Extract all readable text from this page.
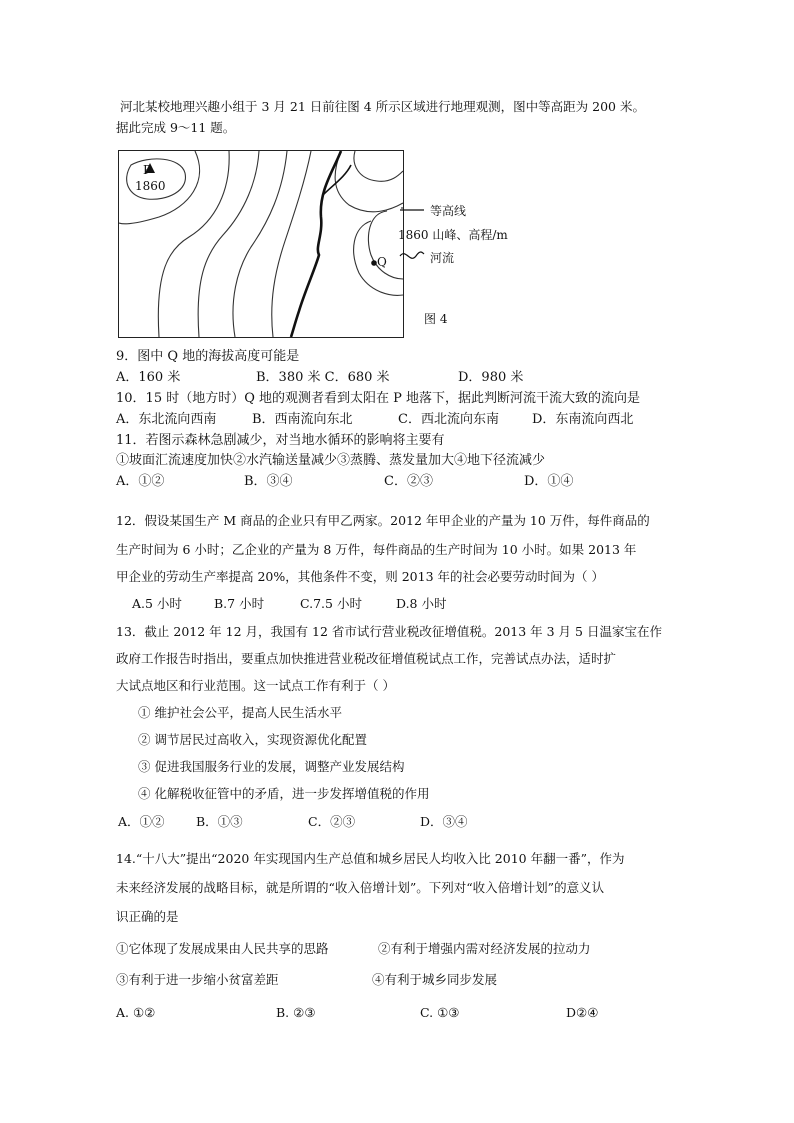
河北某校地理兴趣小组于 3 月 21 日前往图 4 所示区域进行地理观测，图中等高距为 200 米。
据此完成 9～11 题。
P
1860
Q
等高线
1860 山峰、高程/m
河流
图 4
9．图中 Q 地的海拔高度可能是
A．160 米	B．380 米 C．680 米	D．980 米
10．15 时（地方时）Q 地的观测者看到太阳在 P 地落下，据此判断河流干流大致的流向是
A．东北流向西南	B．西南流向东北	C．西北流向东南	D．东南流向西北
11．若图示森林急剧减少，对当地水循环的影响将主要有
①坡面汇流速度加快②水汽输送量减少③蒸腾、蒸发量加大④地下径流减少
A．①②	B．③④	C．②③	D．①④
12．假设某国生产 M 商品的企业只有甲乙两家。2012 年甲企业的产量为 10 万件，每件商品的
生产时间为 6 小时；乙企业的产量为 8 万件，每件商品的生产时间为 10 小时。如果 2013 年
甲企业的劳动生产率提高 20%，其他条件不变，则 2013 年的社会必要劳动时间为（ ）
A.5 小时	B.7 小时	C.7.5 小时	D.8 小时
13．截止 2012 年 12 月，我国有 12 省市试行营业税改征增值税。2013 年 3 月 5 日温家宝在作
政府工作报告时指出，要重点加快推进营业税改征增值税试点工作，完善试点办法，适时扩
大试点地区和行业范围。这一试点工作有利于（ ）
① 维护社会公平，提高人民生活水平
② 调节居民过高收入，实现资源优化配置
③ 促进我国服务行业的发展，调整产业发展结构
④ 化解税收征管中的矛盾，进一步发挥增值税的作用
A．①②	B．①③	C．②③	D．③④
14.“十八大”提出“2020 年实现国内生产总值和城乡居民人均收入比 2010 年翻一番”，作为
未来经济发展的战略目标，就是所谓的“收入倍增计划”。下列对“收入倍增计划”的意义认
识正确的是
①它体现了发展成果由人民共享的思路	②有利于增强内需对经济发展的拉动力
③有利于进一步缩小贫富差距	④有利于城乡同步发展
A. ①②	B. ②③	C. ①③	D②④
